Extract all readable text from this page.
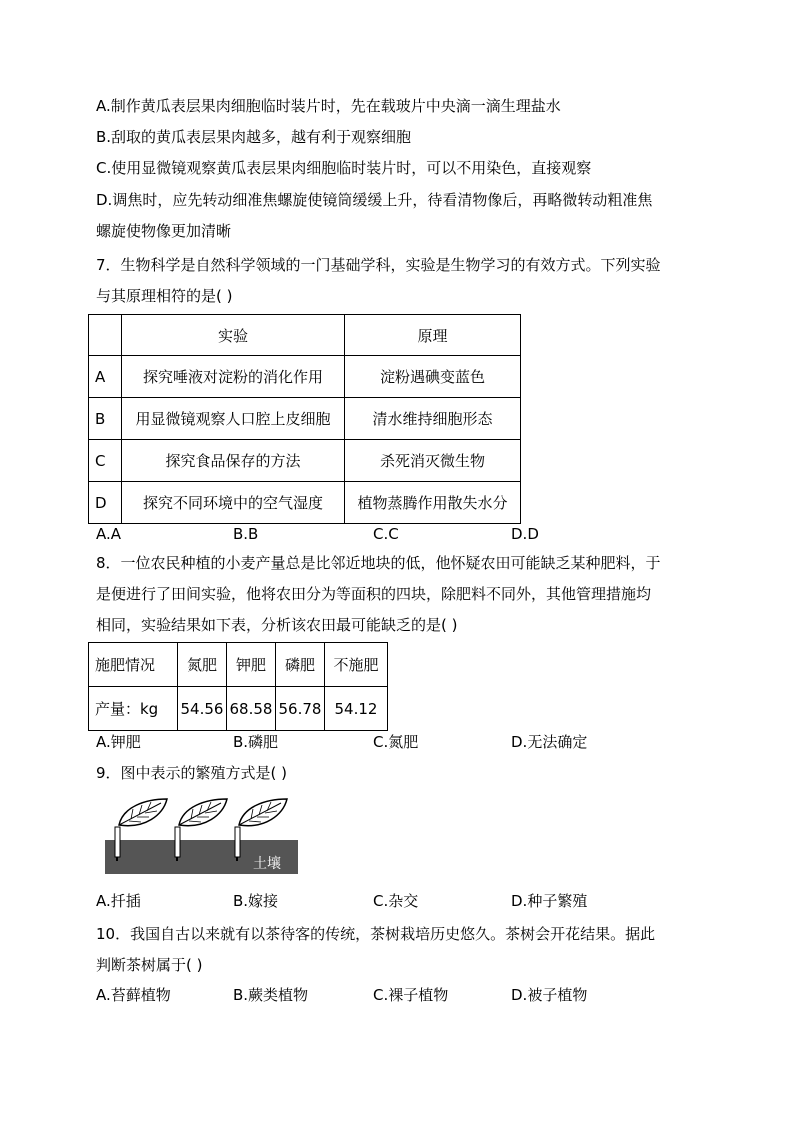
A.制作黄瓜表层果肉细胞临时装片时，先在载玻片中央滴一滴生理盐水
B.刮取的黄瓜表层果肉越多，越有利于观察细胞
C.使用显微镜观察黄瓜表层果肉细胞临时装片时，可以不用染色，直接观察
D.调焦时，应先转动细准焦螺旋使镜筒缓缓上升，待看清物像后，再略微转动粗准焦
螺旋使物像更加清晰
7．生物科学是自然科学领域的一门基础学科，实验是生物学习的有效方式。下列实验
与其原理相符的是( )
	实验	原理
A	探究唾液对淀粉的消化作用	淀粉遇碘变蓝色
B	用显微镜观察人口腔上皮细胞	清水维持细胞形态
C	探究食品保存的方法	杀死消灭微生物
D	探究不同环境中的空气湿度	植物蒸腾作用散失水分
A.A	B.B	C.C	D.D
8．一位农民种植的小麦产量总是比邻近地块的低，他怀疑农田可能缺乏某种肥料，于
是便进行了田间实验，他将农田分为等面积的四块，除肥料不同外，其他管理措施均
相同，实验结果如下表，分析该农田最可能缺乏的是( )
施肥情况	氮肥	钾肥	磷肥	不施肥
产量：kg	54.56	68.58	56.78	54.12
A.钾肥	B.磷肥	C.氮肥	D.无法确定
9．图中表示的繁殖方式是( )
土壤
A.扦插	B.嫁接	C.杂交	D.种子繁殖
10．我国自古以来就有以茶待客的传统，茶树栽培历史悠久。茶树会开花结果。据此
判断茶树属于( )
A.苔藓植物	B.蕨类植物	C.裸子植物	D.被子植物
